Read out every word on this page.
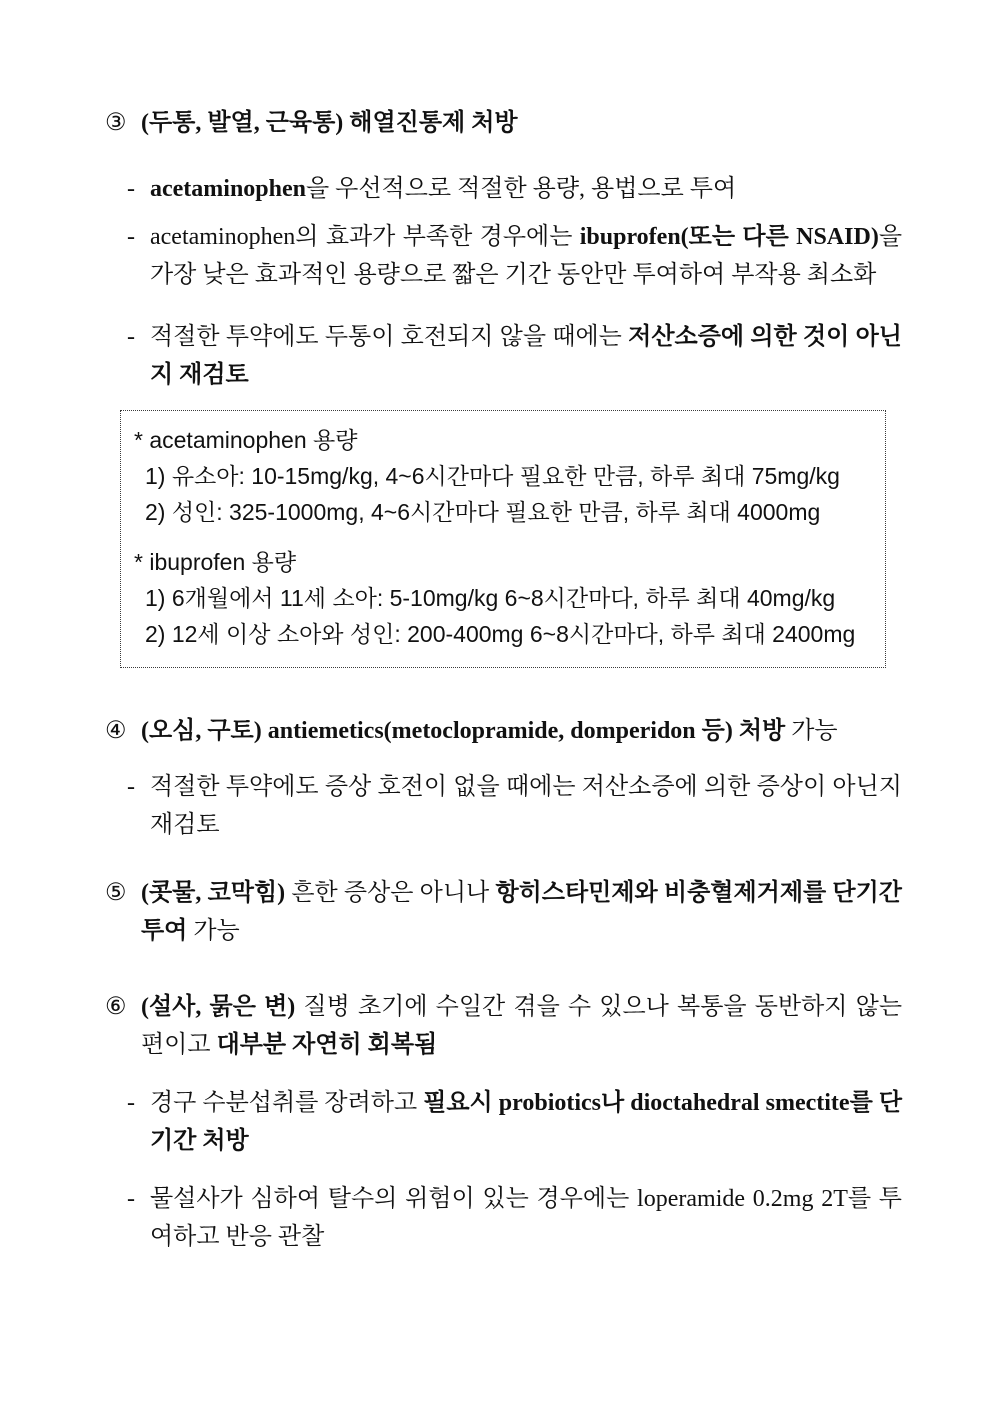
③ (두통, 발열, 근육통) 해열진통제 처방

- acetaminophen을 우선적으로 적절한 용량, 용법으로 투여

- acetaminophen의 효과가 부족한 경우에는 ibuprofen(또는 다른 NSAID)을 가장 낮은 효과적인 용량으로 짧은 기간 동안만 투여하여 부작용 최소화

- 적절한 투약에도 두통이 호전되지 않을 때에는 저산소증에 의한 것이 아닌지 재검토

* acetaminophen 용량

1) 유소아: 10-15mg/kg, 4~6시간마다 필요한 만큼, 하루 최대 75mg/kg

2) 성인: 325-1000mg, 4~6시간마다 필요한 만큼, 하루 최대 4000mg

* ibuprofen 용량

1) 6개월에서 11세 소아: 5-10mg/kg 6~8시간마다, 하루 최대 40mg/kg

2) 12세 이상 소아와 성인: 200-400mg 6~8시간마다, 하루 최대 2400mg

④ (오심, 구토) antiemetics(metoclopramide, domperidon 등) 처방 가능

- 적절한 투약에도 증상 호전이 없을 때에는 저산소증에 의한 증상이 아닌지 재검토

⑤ (콧물, 코막힘) 흔한 증상은 아니나 항히스타민제와 비충혈제거제를 단기간 투여 가능

⑥ (설사, 묽은 변) 질병 초기에 수일간 겪을 수 있으나 복통을 동반하지 않는 편이고 대부분 자연히 회복됨

- 경구 수분섭취를 장려하고 필요시 probiotics나 dioctahedral smectite를 단기간 처방

- 물설사가 심하여 탈수의 위험이 있는 경우에는 loperamide 0.2mg 2T를 투여하고 반응 관찰
